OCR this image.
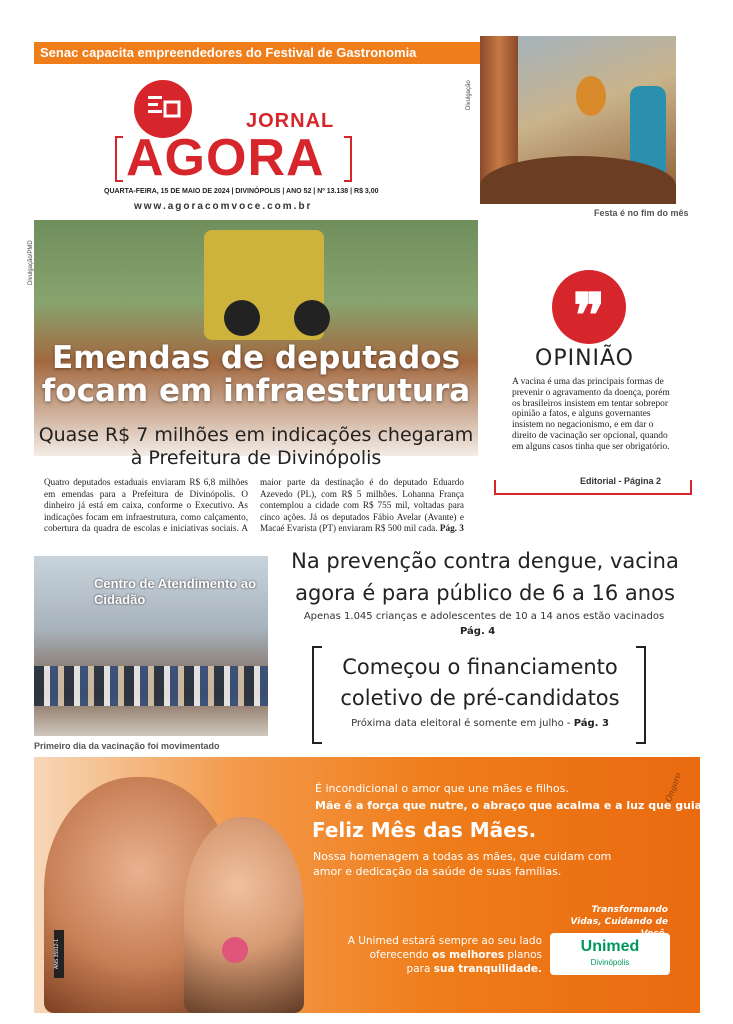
Senac capacita empreendedores do Festival de Gastronomia
JORNAL
AGORA
QUARTA-FEIRA, 15 DE MAIO DE 2024 | DIVINÓPOLIS | ANO 52 | Nº 13.138 | R$ 3,00
www.agoracomvoce.com.br
Divulgação
Festa é no fim do mês
Divulgação/PMD
Emendas de deputados focam em infraestrutura
Quase R$ 7 milhões em indicações chegaram à Prefeitura de Divinópolis
Quatro deputados estaduais enviaram R$ 6,8 milhões em emendas para a Prefeitura de Divinópolis. O dinheiro já está em caixa, conforme o Executivo. As indicações focam em infraestrutura, como calçamento, cobertura da quadra de escolas e iniciativas sociais. A maior parte da destinação é do deputado Eduardo Azevedo (PL), com R$ 5 milhões. Lohanna França contemplou a cidade com R$ 755 mil, voltadas para cinco ações. Já os deputados Fábio Avelar (Avante) e Macaé Evarista (PT) enviaram R$ 500 mil cada. Pág. 3
❞
OPINIÃO
A vacina é uma das principais formas de prevenir o agravamento da doença, porém os brasileiros insistem em tentar sobrepor opinião a fatos, e alguns governantes insistem no negacionismo, e em dar o direito de vacinação ser opcional, quando em alguns casos tinha que ser obrigatório.
Editorial - Página 2
Centro de Atendimento ao Cidadão
Primeiro dia da vacinação foi movimentado
Na prevenção contra dengue, vacina agora é para público de 6 a 16 anos
Apenas 1.045 crianças e adolescentes de 10 a 14 anos estão vacinados
Pág. 4
Começou o financiamento coletivo de pré-candidatos
Próxima data eleitoral é somente em julho - Pág. 3
ANS 35912-1
Ongaro
É incondicional o amor que une mães e filhos.
Mãe é a força que nutre, o abraço que acalma e a luz que guia.
Feliz Mês das Mães.
Nossa homenagem a todas as mães, que cuidam com amor e dedicação da saúde de suas famílias.
Transformando Vidas, Cuidando de
A Unimed estará sempre ao seu lado oferecendo os melhores planos para sua tranquilidade.
Unimed
Divinópolis
